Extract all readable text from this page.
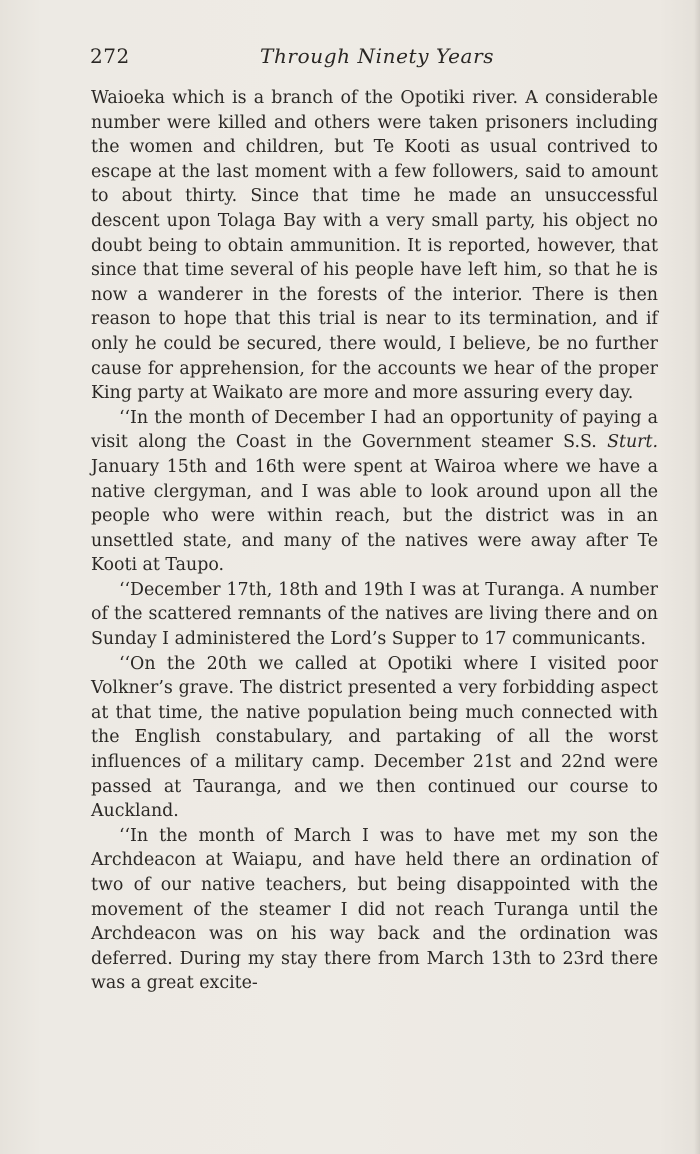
272	Through Ninety Years

Waioeka which is a branch of the Opotiki river. A considerable number were killed and others were taken prisoners including the women and children, but Te Kooti as usual contrived to escape at the last moment with a few followers, said to amount to about thirty. Since that time he made an unsuccessful descent upon Tolaga Bay with a very small party, his object no doubt being to obtain ammunition. It is reported, however, that since that time several of his people have left him, so that he is now a wanderer in the forests of the interior. There is then reason to hope that this trial is near to its termination, and if only he could be secured, there would, I believe, be no further cause for apprehension, for the accounts we hear of the proper King party at Waikato are more and more assuring every day.

‘‘In the month of December I had an opportunity of paying a visit along the Coast in the Government steamer S.S. Sturt. January 15th and 16th were spent at Wairoa where we have a native clergyman, and I was able to look around upon all the people who were within reach, but the district was in an unsettled state, and many of the natives were away after Te Kooti at Taupo.

‘‘December 17th, 18th and 19th I was at Turanga. A number of the scattered remnants of the natives are living there and on Sunday I administered the Lord’s Supper to 17 communicants.

‘‘On the 20th we called at Opotiki where I visited poor Volkner’s grave. The district presented a very forbidding aspect at that time, the native population being much connected with the English constabulary, and partaking of all the worst influences of a military camp. December 21st and 22nd were passed at Tauranga, and we then continued our course to Auckland.

‘‘In the month of March I was to have met my son the Archdeacon at Waiapu, and have held there an ordination of two of our native teachers, but being disappointed with the movement of the steamer I did not reach Turanga until the Archdeacon was on his way back and the ordination was deferred. During my stay there from March 13th to 23rd there was a great excite-
